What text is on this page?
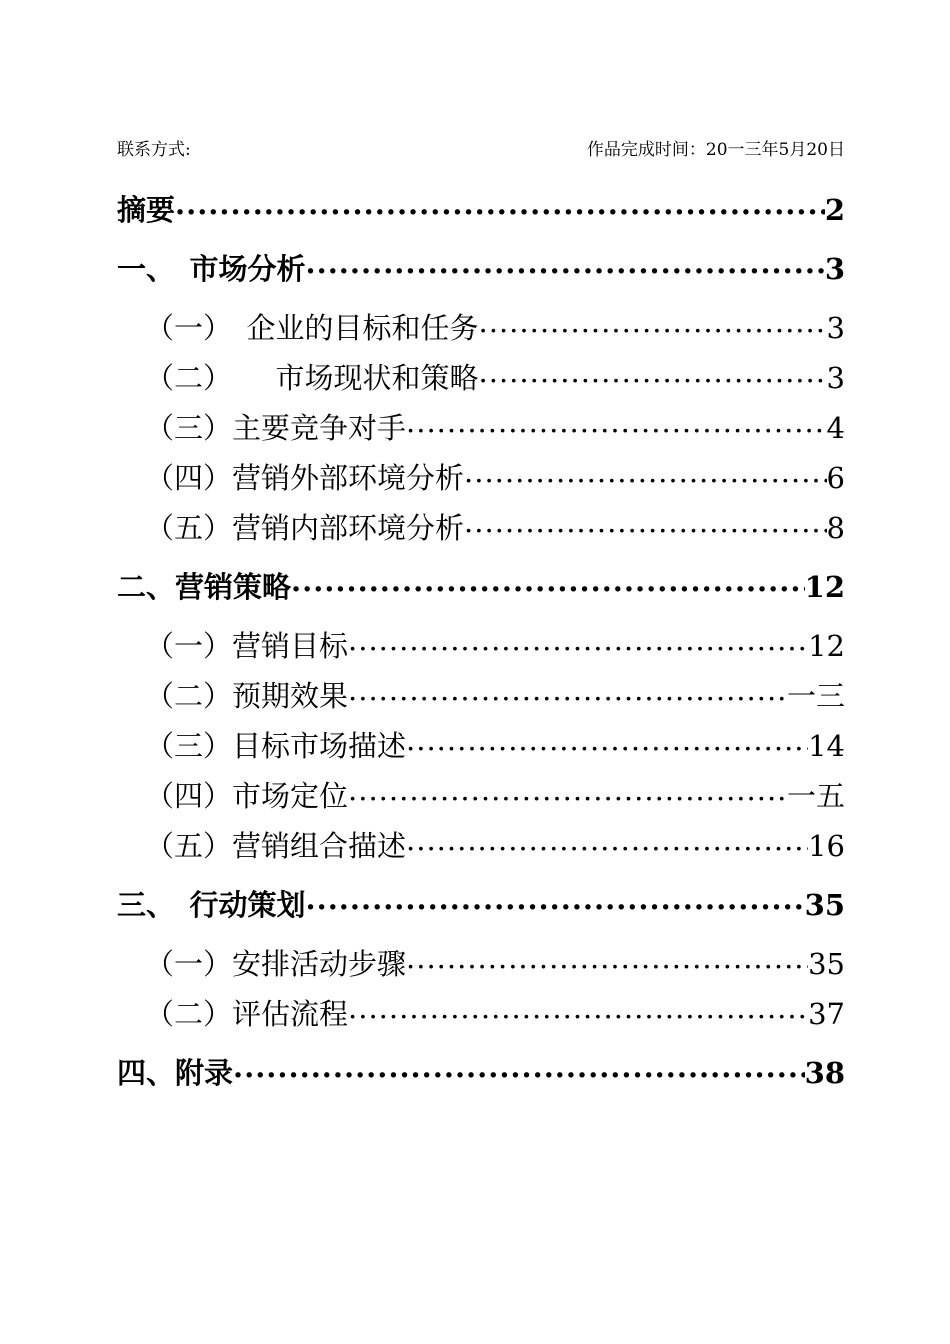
联系方式:	作品完成时间：20一三年5月20日
摘要 .....	2
一、　市场分析 .....	3
（一）　企业的目标和任务 .....	3
（二）　　市场现状和策略 .....	3
（三）主要竞争对手 .....	4
（四）营销外部环境分析 .....	6
（五）营销内部环境分析 .....	8
二、营销策略 .....	12
（一）营销目标 .....	12
（二）预期效果 .....	一三
（三）目标市场描述 .....	14
（四）市场定位 .....	一五
（五）营销组合描述 .....	16
三、　行动策划 .....	35
（一）安排活动步骤 .....	35
（二）评估流程 .....	37
四、附录 .....	38
